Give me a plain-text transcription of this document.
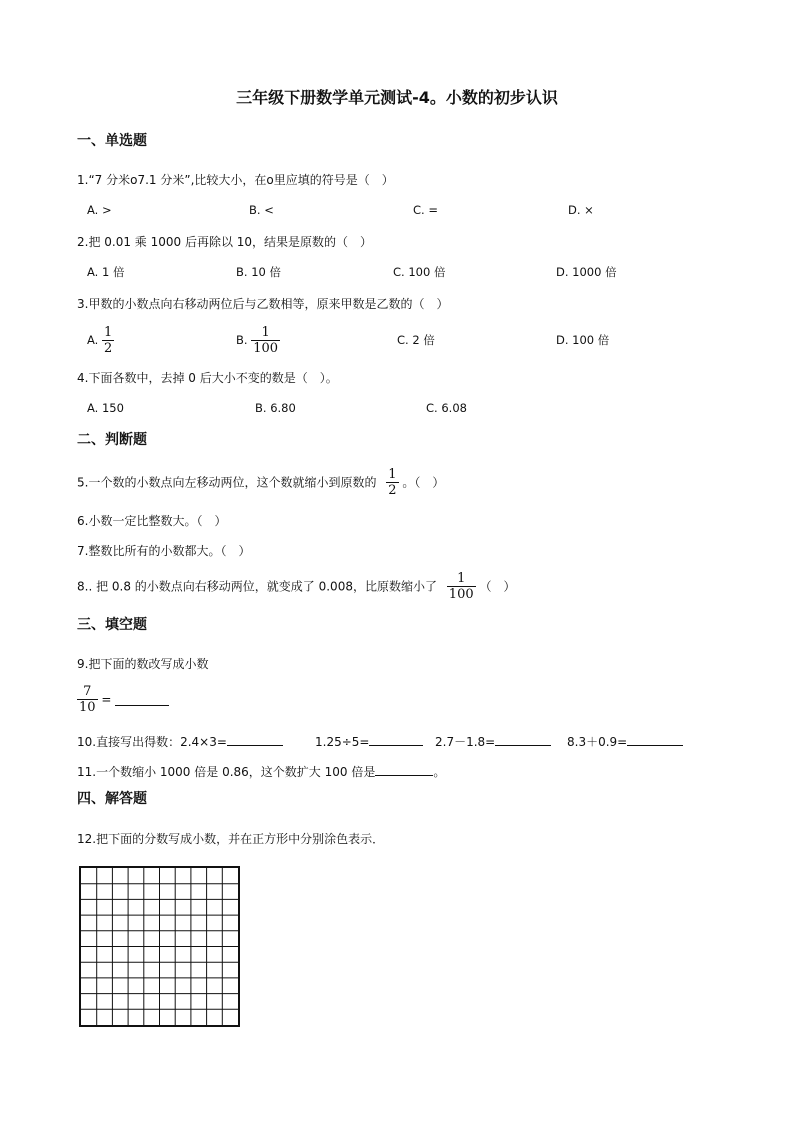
三年级下册数学单元测试-4。小数的初步认识
一、单选题
1.“7 分米o7.1 分米”,比较大小，在o里应填的符号是（　）
A. >	B. <	C. =	D. ×
2.把 0.01 乘 1000 后再除以 10，结果是原数的（　）
A. 1 倍	B. 10 倍	C. 100 倍	D. 1000 倍
3.甲数的小数点向右移动两位后与乙数相等，原来甲数是乙数的（　）
A. $\frac{1}{2}$	B. $\frac{1}{100}$	C. 2 倍	D. 100 倍
4.下面各数中，去掉 0 后大小不变的数是（　）。
A. 150	B. 6.80	C. 6.08
二、判断题
5.一个数的小数点向左移动两位，这个数就缩小到原数的 $\frac{1}{2}$ 。（　）
6.小数一定比整数大。（　）
7.整数比所有的小数都大。（　）
8.. 把 0.8 的小数点向右移动两位，就变成了 0.008，比原数缩小了 $\frac{1}{100}$ （　）
三、填空题
9.把下面的数改写成小数
$\frac{7}{10}$ =
10.直接写出得数：2.4×3=	1.25÷5=	2.7－1.8=	8.3＋0.9=
11.一个数缩小 1000 倍是 0.86，这个数扩大 100 倍是	。
四、解答题
12.把下面的分数写成小数，并在正方形中分别涂色表示．
